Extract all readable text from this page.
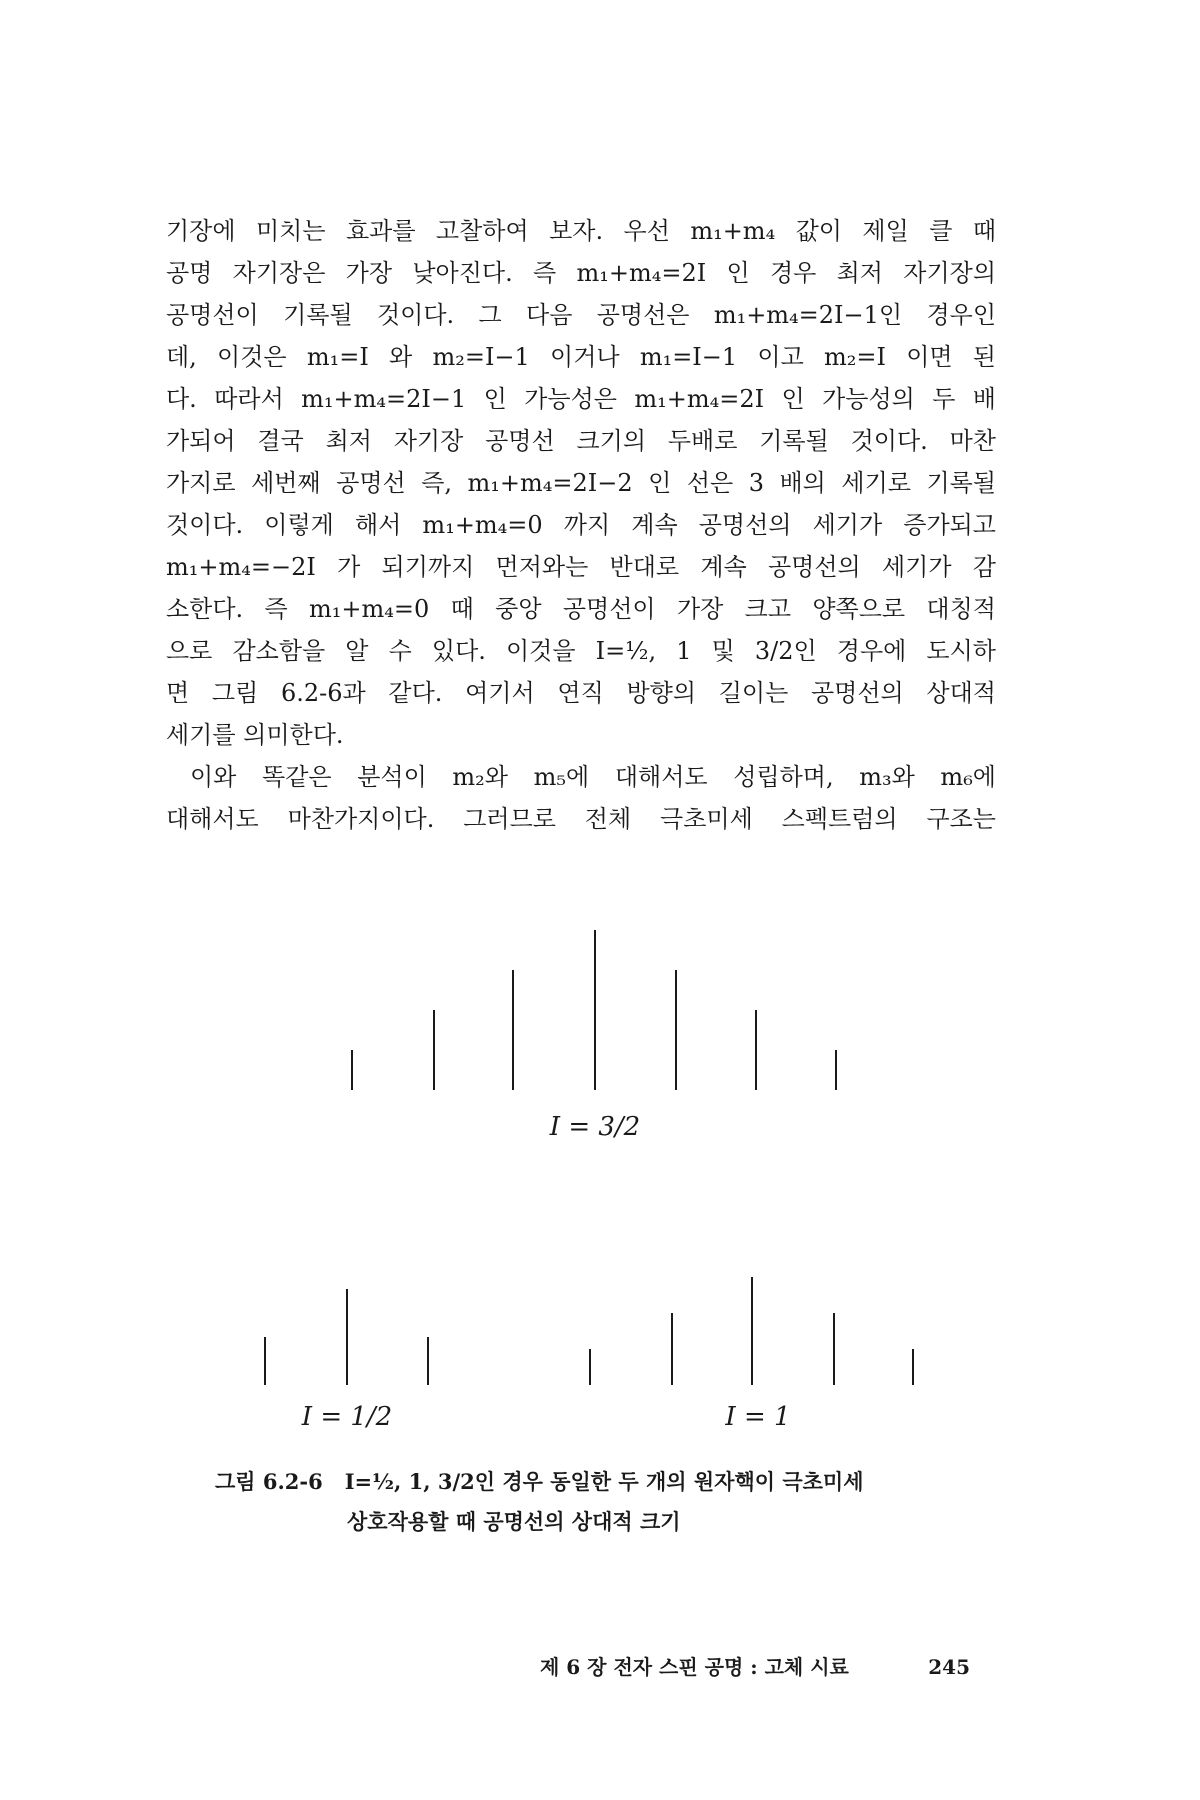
기장에 미치는 효과를 고찰하여 보자. 우선 m₁+m₄ 값이 제일 클 때
공명 자기장은 가장 낮아진다. 즉 m₁+m₄=2I 인 경우 최저 자기장의
공명선이 기록될 것이다. 그 다음 공명선은 m₁+m₄=2I−1인 경우인
데, 이것은 m₁=I 와 m₂=I−1 이거나 m₁=I−1 이고 m₂=I 이면 된
다. 따라서 m₁+m₄=2I−1 인 가능성은 m₁+m₄=2I 인 가능성의 두 배
가되어 결국 최저 자기장 공명선 크기의 두배로 기록될 것이다. 마찬
가지로 세번째 공명선 즉, m₁+m₄=2I−2 인 선은 3 배의 세기로 기록될
것이다. 이렇게 해서 m₁+m₄=0 까지 계속 공명선의 세기가 증가되고
m₁+m₄=−2I 가 되기까지 먼저와는 반대로 계속 공명선의 세기가 감
소한다. 즉 m₁+m₄=0 때 중앙 공명선이 가장 크고 양쪽으로 대칭적
으로 감소함을 알 수 있다. 이것을 I=½, 1 및 3/2인 경우에 도시하
면 그림 6.2-6과 같다. 여기서 연직 방향의 길이는 공명선의 상대적
세기를 의미한다.
이와 똑같은 분석이 m₂와 m₅에 대해서도 성립하며, m₃와 m₆에
대해서도 마찬가지이다. 그러므로 전체 극초미세 스펙트럼의 구조는
I = 3/2
I = 1/2	I = 1
그림 6.2-6 I=½, 1, 3/2인 경우 동일한 두 개의 원자핵이 극초미세
상호작용할 때 공명선의 상대적 크기
제 6 장 전자 스핀 공명 : 고체 시료	245
